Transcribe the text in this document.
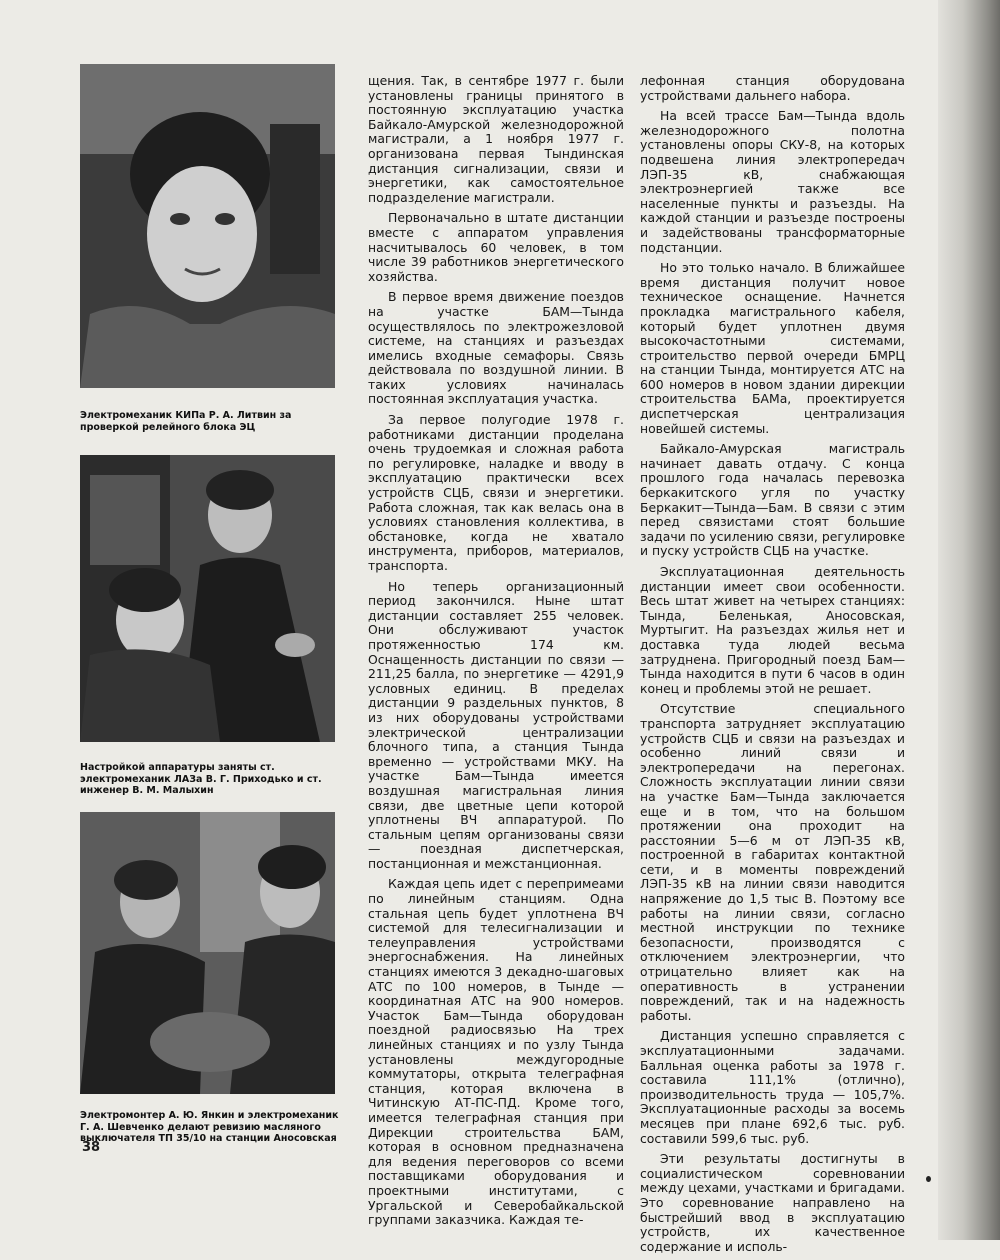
Электромеханик КИПа Р. А. Литвин за проверкой релейного блока ЭЦ
Настройкой аппаратуры заняты ст. электромеханик ЛАЗа В. Г. Приходько и ст. инженер В. М. Малыхин
Электромонтер А. Ю. Янкин и электромеханик Г. А. Шевченко делают ревизию масляного выключателя ТП 35/10 на станции Аносовская
38

щения. Так, в сентябре 1977 г. были установлены границы принятого в постоянную эксплуатацию участка Байкало-Амурской железнодорожной магистрали, а 1 ноября 1977 г. организована первая Тындинская дистанция сигнализации, связи и энергетики, как самостоятельное подразделение магистрали.

Первоначально в штате дистанции вместе с аппаратом управления насчитывалось 60 человек, в том числе 39 работников энергетического хозяйства.

В первое время движение поездов на участке БАМ—Тында осуществлялось по электрожезловой системе, на станциях и разъездах имелись входные семафоры. Связь действовала по воздушной линии. В таких условиях начиналась постоянная эксплуатация участка.

За первое полугодие 1978 г. работниками дистанции проделана очень трудоемкая и сложная работа по регулировке, наладке и вводу в эксплуатацию практически всех устройств СЦБ, связи и энергетики. Работа сложная, так как велась она в условиях становления коллектива, в обстановке, когда не хватало инструмента, приборов, материалов, транспорта.

Но теперь организационный период закончился. Ныне штат дистанции составляет 255 человек. Они обслуживают участок протяженностью 174 км. Оснащенность дистанции по связи — 211,25 балла, по энергетике — 4291,9 условных единиц. В пределах дистанции 9 раздельных пунктов, 8 из них оборудованы устройствами электрической централизации блочного типа, а станция Тында временно — устройствами МКУ. На участке Бам—Тында имеется воздушная магистральная линия связи, две цветные цепи которой уплотнены ВЧ аппаратурой. По стальным цепям организованы связи — поездная диспетчерская, постанционная и межстанционная.

Каждая цепь идет с перепримеами по линейным станциям. Одна стальная цепь будет уплотнена ВЧ системой для телесигнализации и телеуправления устройствами энергоснабжения. На линейных станциях имеются 3 декадно-шаговых АТС по 100 номеров, в Тынде — координатная АТС на 900 номеров. Участок Бам—Тында оборудован поездной радиосвязью На трех линейных станциях и по узлу Тында установлены междугородные коммутаторы, открыта телеграфная станция, которая включена в Читинскую АТ-ПС-ПД. Кроме того, имеется телеграфная станция при Дирекции строительства БАМ, которая в основном предназначена для ведения переговоров со всеми поставщиками оборудования и проектными институтами, с Ургальской и Северобайкальской группами заказчика. Каждая те-

лефонная станция оборудована устройствами дальнего набора.

На всей трассе Бам—Тында вдоль железнодорожного полотна установлены опоры СКУ-8, на которых подвешена линия электропередач ЛЭП-35 кВ, снабжающая электроэнергией также все населенные пункты и разъезды. На каждой станции и разъезде построены и задействованы трансформаторные подстанции.

Но это только начало. В ближайшее время дистанция получит новое техническое оснащение. Начнется прокладка магистрального кабеля, который будет уплотнен двумя высокочастотными системами, строительство первой очереди БМРЦ на станции Тында, монтируется АТС на 600 номеров в новом здании дирекции строительства БАМа, проектируется диспетчерская централизация новейшей системы.

Байкало-Амурская магистраль начинает давать отдачу. С конца прошлого года началась перевозка беркакитского угля по участку Беркакит—Тында—Бам. В связи с этим перед связистами стоят большие задачи по усилению связи, регулировке и пуску устройств СЦБ на участке.

Эксплуатационная деятельность дистанции имеет свои особенности. Весь штат живет на четырех станциях: Тында, Беленькая, Аносовская, Муртыгит. На разъездах жилья нет и доставка туда людей весьма затруднена. Пригородный поезд Бам—Тында находится в пути 6 часов в один конец и проблемы этой не решает.

Отсутствие специального транспорта затрудняет эксплуатацию устройств СЦБ и связи на разъездах и особенно линий связи и электропередачи на перегонах. Сложность эксплуатации линии связи на участке Бам—Тында заключается еще и в том, что на большом протяжении она проходит на расстоянии 5—6 м от ЛЭП-35 кВ, построенной в габаритах контактной сети, и в моменты повреждений ЛЭП-35 кВ на линии связи наводится напряжение до 1,5 тыс В. Поэтому все работы на линии связи, согласно местной инструкции по технике безопасности, производятся с отключением электроэнергии, что отрицательно влияет как на оперативность в устранении повреждений, так и на надежность работы.

Дистанция успешно справляется с эксплуатационными задачами. Балльная оценка работы за 1978 г. составила 111,1% (отлично), производительность труда — 105,7%. Эксплуатационные расходы за восемь месяцев при плане 692,6 тыс. руб. составили 599,6 тыс. руб.

Эти результаты достигнуты в социалистическом соревновании между цехами, участками и бригадами. Это соревнование направлено на быстрейший ввод в эксплуатацию устройств, их качественное содержание и исполь-
